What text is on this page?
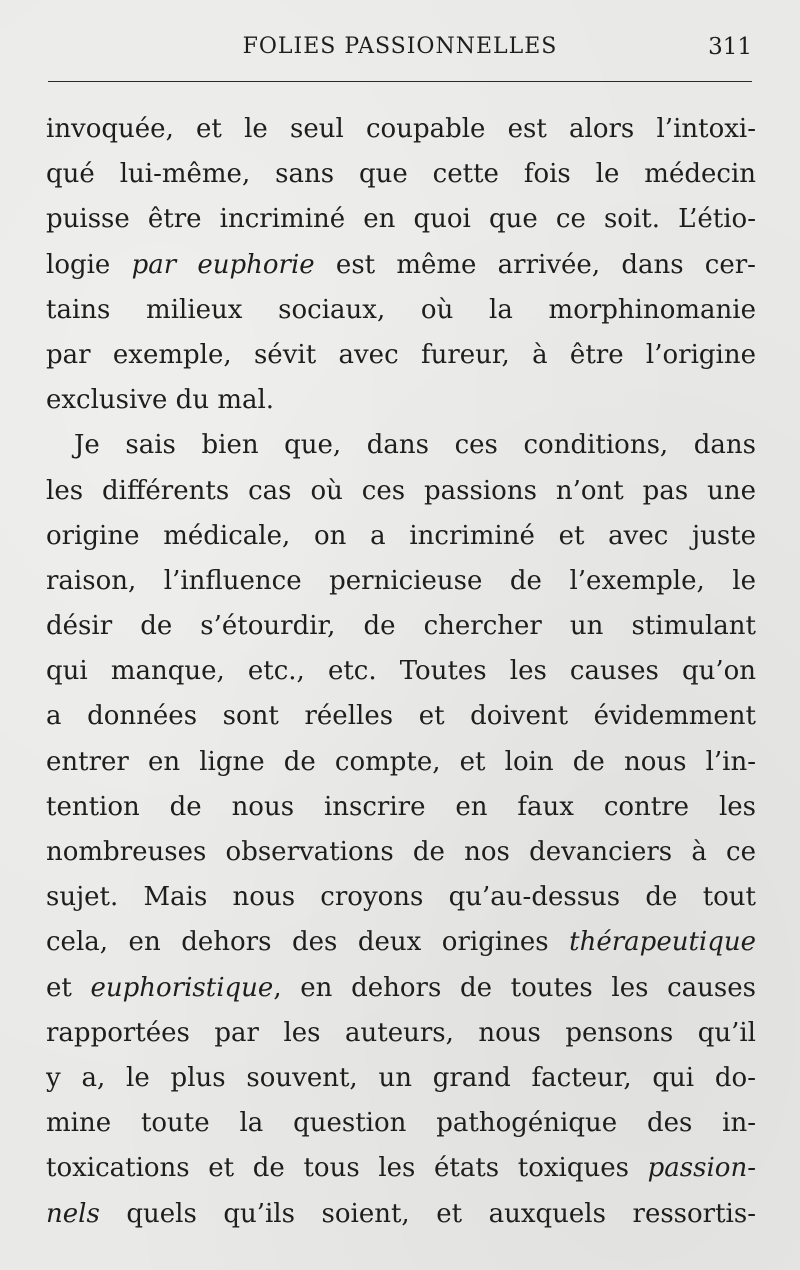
FOLIES PASSIONNELLES	311
invoquée, et le seul coupable est alors l’intoxi-
qué lui-même, sans que cette fois le médecin
puisse être incriminé en quoi que ce soit. L’étio-
logie par euphorie est même arrivée, dans cer-
tains milieux sociaux, où la morphinomanie
par exemple, sévit avec fureur, à être l’origine
exclusive du mal.
Je sais bien que, dans ces conditions, dans
les différents cas où ces passions n’ont pas une
origine médicale, on a incriminé et avec juste
raison, l’influence pernicieuse de l’exemple, le
désir de s’étourdir, de chercher un stimulant
qui manque, etc., etc. Toutes les causes qu’on
a données sont réelles et doivent évidemment
entrer en ligne de compte, et loin de nous l’in-
tention de nous inscrire en faux contre les
nombreuses observations de nos devanciers à ce
sujet. Mais nous croyons qu’au-dessus de tout
cela, en dehors des deux origines thérapeutique
et euphoristique, en dehors de toutes les causes
rapportées par les auteurs, nous pensons qu’il
y a, le plus souvent, un grand facteur, qui do-
mine toute la question pathogénique des in-
toxications et de tous les états toxiques passion-
nels quels qu’ils soient, et auxquels ressortis-
